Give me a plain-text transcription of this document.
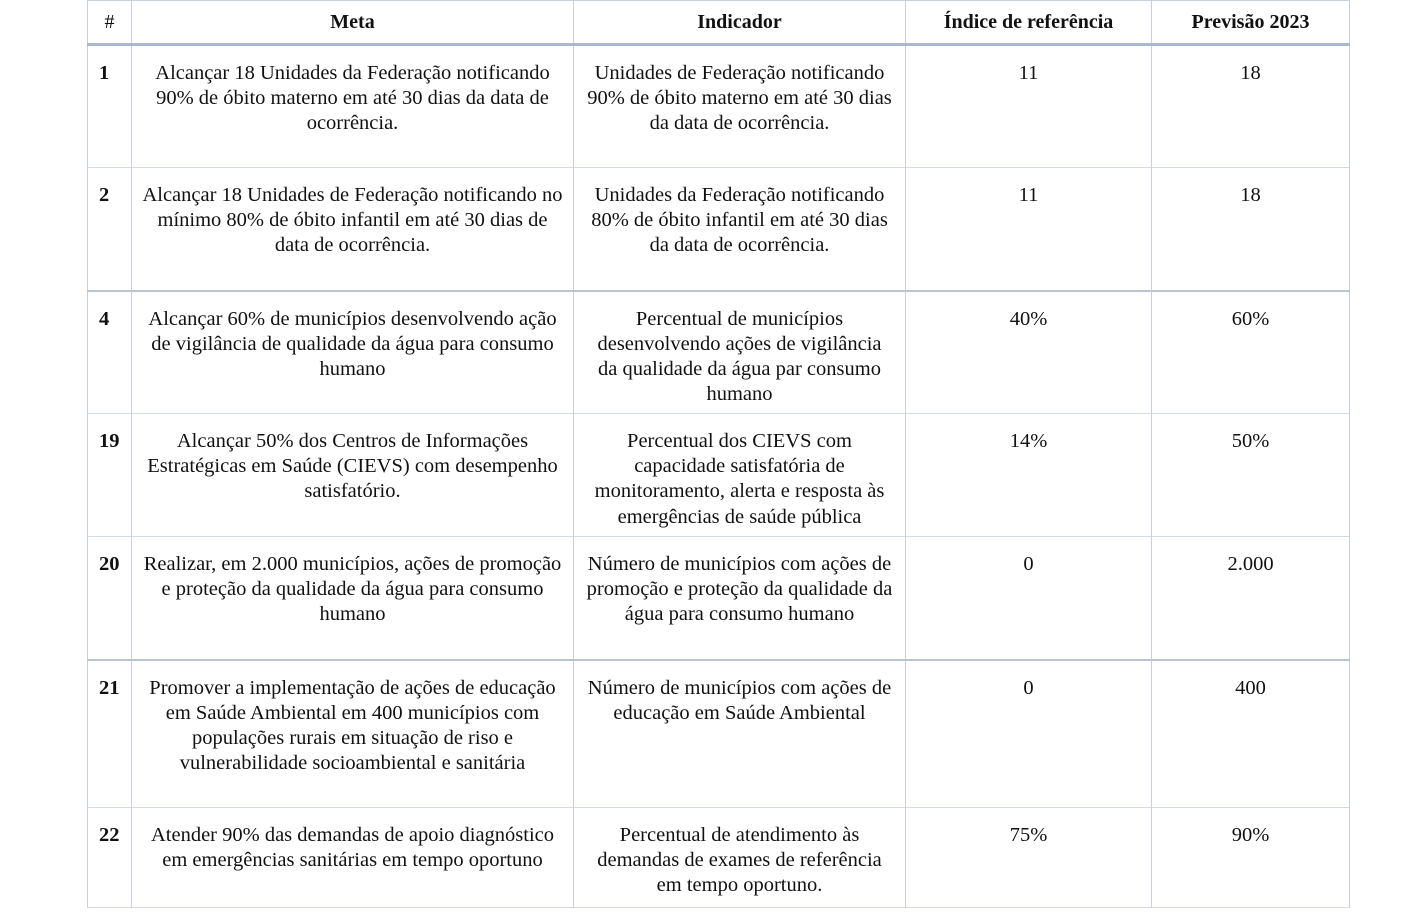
#	Meta	Indicador	Índice de referência	Previsão 2023
1	Alcançar 18 Unidades da Federação notificando 90% de óbito materno em até 30 dias da data de ocorrência.	Unidades de Federação notificando 90% de óbito materno em até 30 dias da data de ocorrência.	11	18
2	Alcançar 18 Unidades de Federação notificando no mínimo 80% de óbito infantil em até 30 dias de data de ocorrência.	Unidades da Federação notificando 80% de óbito infantil em até 30 dias da data de ocorrência.	11	18
4	Alcançar 60% de municípios desenvolvendo ação de vigilância de qualidade da água para consumo humano	Percentual de municípios desenvolvendo ações de vigilância da qualidade da água par consumo humano	40%	60%
19	Alcançar 50% dos Centros de Informações Estratégicas em Saúde (CIEVS) com desempenho satisfatório.	Percentual dos CIEVS com capacidade satisfatória de monitoramento, alerta e resposta às emergências de saúde pública	14%	50%
20	Realizar, em 2.000 municípios, ações de promoção e proteção da qualidade da água para consumo humano	Número de municípios com ações de promoção e proteção da qualidade da água para consumo humano	0	2.000
21	Promover a implementação de ações de educação em Saúde Ambiental em 400 municípios com populações rurais em situação de riso e vulnerabilidade socioambiental e sanitária	Número de municípios com ações de educação em Saúde Ambiental	0	400
22	Atender 90% das demandas de apoio diagnóstico em emergências sanitárias em tempo oportuno	Percentual de atendimento às demandas de exames de referência em tempo oportuno.	75%	90%
